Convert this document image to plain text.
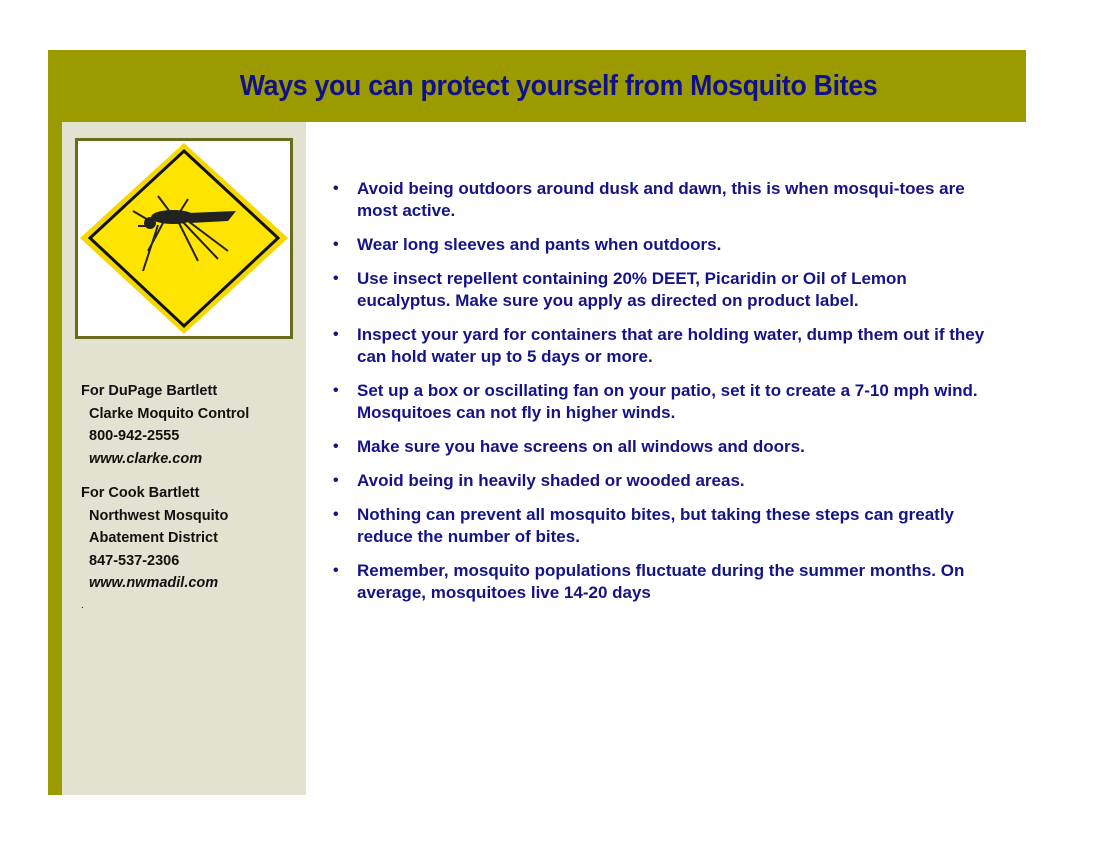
Ways you can protect yourself from Mosquito Bites
For DuPage Bartlett
Clarke Moquito Control
800-942-2555
www.clarke.com
For Cook Bartlett
Northwest Mosquito
Abatement District
847-537-2306
www.nwmadil.com
.
• Avoid being outdoors around dusk and dawn, this is when mosqui-toes are most active.
• Wear long sleeves and pants when outdoors.
• Use insect repellent containing 20% DEET, Picaridin or Oil of Lemon eucalyptus. Make sure you apply as directed on product label.
• Inspect your yard for containers that are holding water, dump them out if they can hold water up to 5 days or more.
• Set up a box or oscillating fan on your patio, set it to create a 7-10 mph wind. Mosquitoes can not fly in higher winds.
• Make sure you have screens on all windows and doors.
• Avoid being in heavily shaded or wooded areas.
• Nothing can prevent all mosquito bites, but taking these steps can greatly reduce the number of bites.
• Remember, mosquito populations fluctuate during the summer months. On average, mosquitoes live 14-20 days
